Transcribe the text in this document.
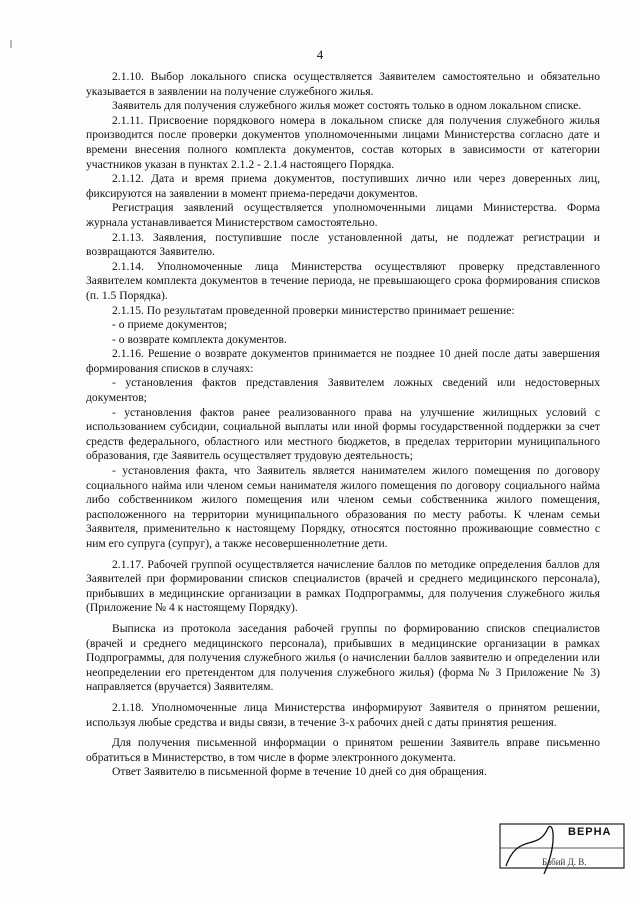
4

2.1.10. Выбор локального списка осуществляется Заявителем самостоятельно и обязательно указывается в заявлении на получение служебного жилья.

Заявитель для получения служебного жилья может состоять только в одном локальном списке.

2.1.11. Присвоение порядкового номера в локальном списке для получения служебного жилья производится после проверки документов уполномоченными лицами Министерства согласно дате и времени внесения полного комплекта документов, состав которых в зависимости от категории участников указан в пунктах 2.1.2 - 2.1.4 настоящего Порядка.

2.1.12. Дата и время приема документов, поступивших лично или через доверенных лиц, фиксируются на заявлении в момент приема-передачи документов.

Регистрация заявлений осуществляется уполномоченными лицами Министерства. Форма журнала устанавливается Министерством самостоятельно.

2.1.13. Заявления, поступившие после установленной даты, не подлежат регистрации и возвращаются Заявителю.

2.1.14. Уполномоченные лица Министерства осуществляют проверку представленного Заявителем комплекта документов в течение периода, не превышающего срока формирования списков (п. 1.5 Порядка).

2.1.15. По результатам проведенной проверки министерство принимает решение:

- о приеме документов;

- о возврате комплекта документов.

2.1.16. Решение о возврате документов принимается не позднее 10 дней после даты завершения формирования списков в случаях:

- установления фактов представления Заявителем ложных сведений или недостоверных документов;

- установления фактов ранее реализованного права на улучшение жилищных условий с использованием субсидии, социальной выплаты или иной формы государственной поддержки за счет средств федерального, областного или местного бюджетов, в пределах территории муниципального образования, где Заявитель осуществляет трудовую деятельность;

- установления факта, что Заявитель является нанимателем жилого помещения по договору социального найма или членом семьи нанимателя жилого помещения по договору социального найма либо собственником жилого помещения или членом семьи собственника жилого помещения, расположенного на территории муниципального образования по месту работы. К членам семьи Заявителя, применительно к настоящему Порядку, относятся постоянно проживающие совместно с ним его супруга (супруг), а также несовершеннолетние дети.

2.1.17. Рабочей группой осуществляется начисление баллов по методике определения баллов для Заявителей при формировании списков специалистов (врачей и среднего медицинского персонала), прибывших в медицинские организации в рамках Подпрограммы, для получения служебного жилья (Приложение № 4 к настоящему Порядку).

Выписка из протокола заседания рабочей группы по формированию списков специалистов (врачей и среднего медицинского персонала), прибывших в медицинские организации в рамках Подпрограммы, для получения служебного жилья (о начислении баллов заявителю и определении или неопределении его претендентом для получения служебного жилья) (форма № 3 Приложение № 3) направляется (вручается) Заявителям.

2.1.18. Уполномоченные лица Министерства информируют Заявителя о принятом решении, используя любые средства и виды связи, в течение 3-х рабочих дней с даты принятия решения.

Для получения письменной информации о принятом решении Заявитель вправе письменно обратиться в Министерство, в том числе в форме электронного документа.

Ответ Заявителю в письменной форме в течение 10 дней со дня обращения.

ВЕРНА
Бабий Д. В.
